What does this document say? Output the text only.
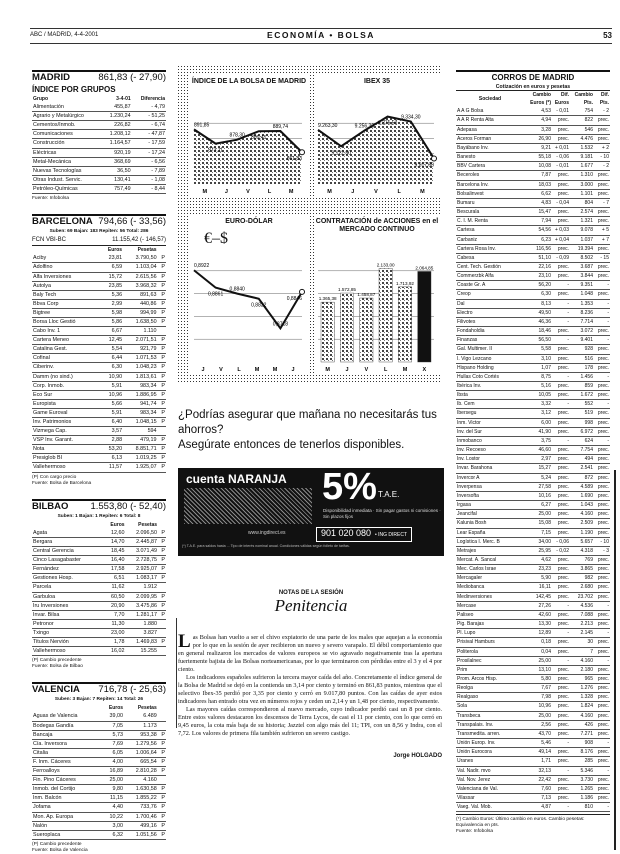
ABC / MADRID, 4-4-2001	ECONOMÍA • BOLSA	53
MADRID	861,83 (- 27,90)
ÍNDICE POR GRUPOS
Grupo	3-4-01	Diferencia
Alimentación	455,87	- 4,79
Agrario y Metalúrgico	1.230,24	- 51,25
Cementos/Inmob.	226,82	- 6,74
Comunicaciones	1.208,12	- 47,87
Construcción	1.164,57	- 17,59
Eléctricas	920,19	- 17,24
Metal-Mecánica	368,69	- 6,56
Nuevas Tecnologías	36,50	- 7,89
Otras Indust. Servic.	130,41	- 1,08
Petróleo-Químicas	757,49	- 8,44
Fuente: Infobolsa
BARCELONA 794,66 (- 33,56)
Suben: 69 Bajan: 183 Repiten: 56 Total: 286
FCN VBI-BC	11.155,42 (- 146,57)
	Euros	Pesetas	
Aciby	23,81	3.790,50	P
Adolfino	6,59	1.103,04	P
Alfa Inversiones	15,72	2.615,56	P
Autolya	23,85	3.968,32	P
Baly Tech	5,36	891,63	P
Bbva Corp	2,99	440,86	P
Bigtree	5,98	994,99	P
Borsa Lloc Gestió	5,86	1.638,50	P
Cabo Inv. 1	6,67	1.110	
Cartera Meneo	12,45	2.071,51	P
Catalina Gest.	5,54	921,79	P
Cofinal	6,44	1.071,53	P
Ciberinv.	6,30	1.048,23	P
Damm (no sind.)	10,90	1.813,61	P
Corp. Inmob.	5,91	983,34	P
Eco Sur	10,96	1.886,95	P
Europista	5,66	941,74	P
Game Euroval	5,91	983,34	P
Inv. Patrimonios	6,40	1.048,15	P
Vizmega Cap.	3,57	594	
VSP Inv. Garant.	2,88	479,19	P
Nota	53,20	8.851,71	P
Presiglob BI	6,13	1.019,25	P
Vallehermoso	11,57	1.925,07	P
(P) Con cargo precio
Fuente: Bolsa de Barcelona
BILBAO 1.553,80 (- 52,40)
Suben: 1 Bajan: 1 Repiten: 6 Total: 8
	Euros	Pesetas	
Agata	12,60	2.096,50	P
Bergara	14,70	2.445,87	P
Central Gerencia	18,45	3.071,49	P
Cinco Lasagabaster	16,40	2.728,75	P
Fernández	17,58	2.925,07	P
Gestiones Hosp.	6,51	1.083,17	P
Parcela	11,62	1.912	
Garbuloa	60,50	2.099,95	P
Iru Inversiones	20,90	3.475,86	P
Invar. Bilsa	7,70	1.281,17	P
Petronor	11,30	1.880	
Txingo	23,00	3.827	
Titulos Nervión	1,78	1.469,83	P
Vallehermoso	16,02	15.255	
(P) Cambio precedente
Fuente: Bolsa de Bilbao
VALENCIA 716,78 (- 25,63)
Suben: 3 Bajan: 7 Repiten: 14 Total: 26
	Euros	Pesetas	
Aguas de Valencia	39,00	6.489	
Bodegas Gandía	7,05	1.173	
Bancaja	5,73	953,38	P
Cía. Inversora	7,69	1.279,56	P
Citalia	6,05	1.006,64	P
F. Inm. Cáceres	4,00	665,54	P
Ferroalloys	16,89	2.810,28	P
Fin. Pino Cáceres	25,00	4.160	
Inmob. del Cortijo	9,80	1.630,58	P
Inm. Balcón	11,15	1.855,22	P
Jofama	4,40	733,76	P
Mon. Ap. Europa	10,22	1.700,46	P
Nalón	3,00	499,16	P
Sueroplaca	6,32	1.051,56	P
(P) Cambio precedente
Fuente: Bolsa de Valencia
891,85
873,11
878,30 889,41
889,74
861,83
M	J	V	L	M
ÍNDICE DE LA BOLSA DE MADRID
9.263,30
9.122,80
9.256,30
9.376,50
9.334,30
9.017,80
M	J	V	L	M
IBEX 35
0,8922
0,8861
0,8840
0,8822
0,8718
0,8846
J	V	L	M M	J
EURO-DÓLAR
€–$
1.365,38
1.572,85
1.458,87
2.133,00
1.713,92
2.064,85
M	J	V	L	M	X
CONTRATACIÓN de ACCIONES en el MERCADO CONTINUO
¿Podrías asegurar que mañana no necesitarás tus ahorros?
Asegúrate entonces de tenerlos disponibles.
cuenta NARANJA 5% T.A.E.
Disponibilidad inmediata · Sin pagar gastos ni comisiones · Sin plazos fijos
www.ingdirect.es	901 020 080  • ING DIRECT
(*) T.A.E. para saldos hasta ... Tipo de interés nominal anual. Condiciones válidas según folleto de tarifas.
NOTAS DE LA SESIÓN
Penitencia

Las Bolsas han vuelto a ser el chivo expiatorio de una parte de los males que aquejan a la economía por lo que en la sesión de ayer recibieron un nuevo y severo varapalo. El débil comportamiento que en general realizaron los mercados de valores europeos se vio agravado negativamente tras la apertura fuertemente bajista de las Bolsas norteamericanas, por lo que terminaron con pérdidas entre el 3 y el 4 por ciento.

Los indicadores españoles sufrieron la tercera mayor caída del año. Concretamente el índice general de la Bolsa de Madrid se dejó en la contienda un 3,14 por ciento y terminó en 861,83 puntos, mientras que el selectivo Ibex-35 perdió por 3,35 por ciento y cerró en 9.017,80 puntos. Con las caídas de ayer estos indicadores han entrado otra vez en números rojos y ceden un 2,14 y un 1,48 por ciento, respectivamente.

Las mayores caídas correspondieron al nuevo mercado, cuyo indicador perdió casi un 8 por ciento. Entre estos valores destacaron los descensos de Terra Lycos, de casi el 11 por ciento, con lo que cerró en 9,45 euros, la cota más baja de su historia; Jazztel con algo más del 11; TPI, con un 8,56 y Indra, con el 7,72. Los valores de primera fila también sufrieron un severo castigo.

Jorge HOLGADO
CORROS DE MADRID
Cotización en euros y pesetas
Sociedad	Cambio Euros (*)	Dif. Euros	Cambio Pts.	Dif. Pts.
A A G Bolsa	4,53	- 0,01	754	- 2
A A R Renta Alta	4,94	prec.	822	prec.
Adepasa	3,28	prec.	546	prec.
Aceros Forman	26,90	prec.	4.476	prec.
Bayábano Inv.	9,21	+ 0,01	1.532	+ 2
Banesto	55,18	- 0,06	9.181	- 10
BBV Cartera	10,08	- 0,01	1.677	- 2
Beceroles	7,87	prec.	1.310	prec.
Barcelona Inv.	18,03	prec.	3.000	prec.
Bolsalinvest	6,62	prec.	1.101	prec.
Bumaru	4,83	- 0,04	804	- 7
Bescurala	15,47	prec.	2.574	prec.
C. I. M. Renta	7,94	prec.	1.321	prec.
Cartesa	54,56	+ 0,03	9.078	+ 5
Carbaniz	6,23	+ 0,04	1.037	+ 7
Cartera Rosa Inv.	116,56	prec.	19.394	prec.
Cabesa	51,10	- 0,09	8.502	- 15
Cent. Tech. Gestión	22,16	prec.	3.687	prec.
Commerzbk Alfa	23,10	prec.	3.844	prec.
Coaste Gr. A	56,20	-	9.351	-
Creop	6,30	prec.	1.048	prec.
Dal	8,13	-	1.353	-
Electro	49,50	-	8.236	-
Filivotes	46,36	-	7.714	-
Fondaholdia	18,46	prec.	3.072	prec.
Finanzas	56,50	-	9.401	-
Gal. Multimer. II	5,58	prec.	928	prec.
I. Vigo Lezcano	3,10	prec.	516	prec.
Hispano Holding	1,07	prec.	178	prec.
Hullas Coto Cortés	8,75	-	1.456	-
Ibérica Inv.	5,16	prec.	859	prec.
Ibsta	10,05	prec.	1.672	prec.
Ib. Cem	3,32	-	552	-
Ibersegu	3,12	prec.	519	prec.
Inm. Victor	6,00	prec.	998	prec.
Inv. del Sur	41,90	prec.	6.972	prec.
Inmobanco	3,75	-	624	-
Inv. Recoeso	46,60	prec.	7.754	prec.
Inv. Lostor	2,97	prec.	494	prec.
Invar. Barahona	15,27	prec.	2.541	prec.
Invercor A	5,24	prec.	872	prec.
Inverpensa	27,58	prec.	4.589	prec.
Inversofta	10,16	prec.	1.690	prec.
Irgasa	6,27	prec.	1.043	prec.
Jeancifal	25,00	prec.	4.160	prec.
Kalunia Bosh	15,08	prec.	2.509	prec.
Lear España	7,15	prec.	1.190	prec.
Logística I. Merc. B	34,00	- 0,06	5.657	- 10
Metrajes	25,95	- 0,02	4.318	- 3
Mercat. A. Sancal	4,62	prec.	769	prec.
Mec. Carlos Israe	23,23	prec.	3.865	prec.
Mercagaler	5,90	prec.	982	prec.
Mediobanca	16,11	prec.	2.680	prec.
Medinversiones	142,45	prec.	23.702	prec.
Mercase	27,26	-	4.536	-
Paliseo	42,60	prec.	7.088	prec.
Pig. Barajas	13,30	prec.	2.213	prec.
Pl. Lupo	12,89	-	2.145	-
Prisival Hamburs	0,18	prec.	30	prec.
Politerola	0,04	prec.	7	prec.
Prosilalnec	25,00	-	4.160	-
Prim	13,10	prec.	2.180	prec.
Prom. Arcos Hisp.	5,80	prec.	965	prec.
Reolga	7,67	prec.	1.276	prec.
Realgaso	7,98	prec.	1.328	prec.
Sola	10,96	prec.	1.824	prec.
Transbeca	25,00	prec.	4.160	prec.
Transpalais. Inv.	2,56	prec.	426	prec.
Transmedita. arren.	43,70	prec.	7.271	prec.
Unión Europ. Inv.	5,46	-	908	-
Unión Eurocora	49,14	prec.	8.176	prec.
Uranes	1,71	prec.	285	prec.
Val. Nadir. mvo	32,13	-	5.346	-
Val. Nov. Jerez	22,42	prec.	3.730	prec.
Valenciana de Val.	7,60	prec.	1.265	prec.
Vilassar	7,13	prec.	1.186	prec.
Vaeg. Val. Mob.	4,87	-	810	-
(*) Cambio Euros: Último cambio en euros. Cambio pesetas: Equivalencia en pts.
Fuente: Infobolsa
